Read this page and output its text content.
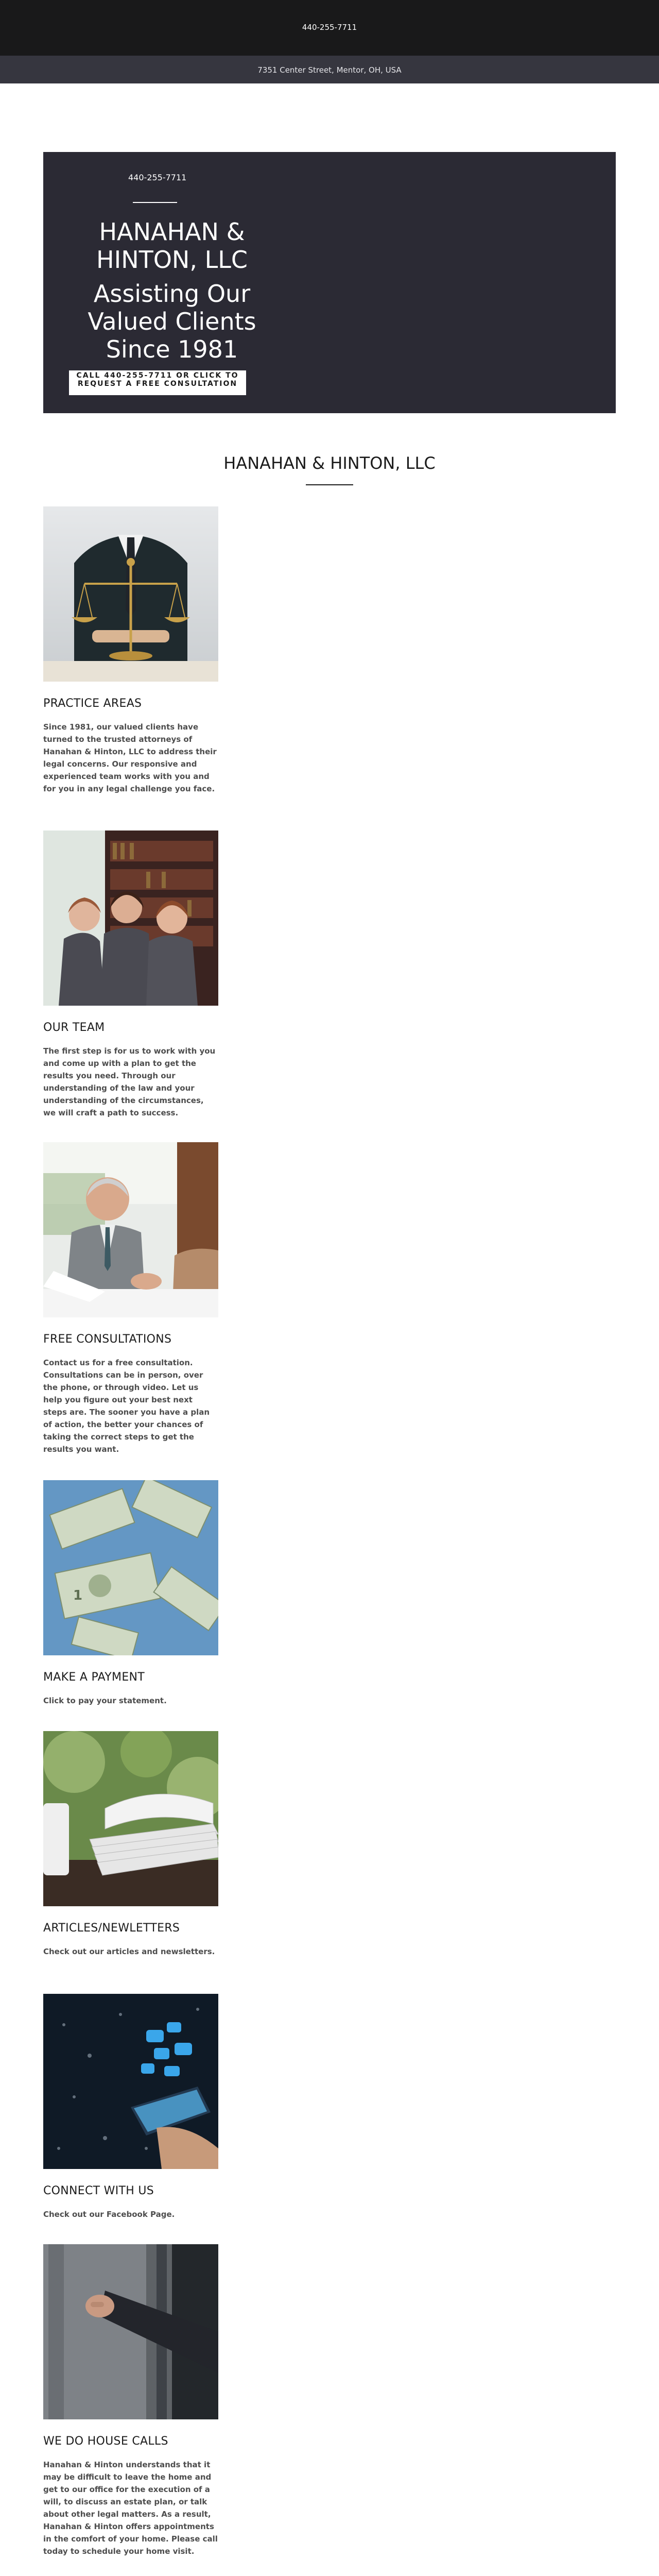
440-255-7711
7351 Center Street, Mentor, OH, USA
440-255-7711
HANAHAN & HINTON, LLC
Assisting Our Valued Clients Since 1981
CALL 440-255-7711 OR CLICK TO REQUEST A FREE CONSULTATION
HANAHAN & HINTON, LLC
PRACTICE AREAS
Since 1981, our valued clients have turned to the trusted attorneys of Hanahan & Hinton, LLC to address their legal concerns. Our responsive and experienced team works with you and for you in any legal challenge you face.
OUR TEAM
The first step is for us to work with you and come up with a plan to get the results you need. Through our understanding of the law and your understanding of the circumstances, we will craft a path to success.
FREE CONSULTATIONS
Contact us for a free consultation. Consultations can be in person, over the phone, or through video. Let us help you figure out your best next steps are. The sooner you have a plan of action, the better your chances of taking the correct steps to get the results you want.
1
MAKE A PAYMENT
Click to pay your statement.
ARTICLES/NEWLETTERS
Check out our articles and newsletters.
CONNECT WITH US
Check out our Facebook Page.
WE DO HOUSE CALLS
Hanahan & Hinton understands that it may be difficult to leave the home and get to our office for the execution of a will, to discuss an estate plan, or talk about other legal matters. As a result, Hanahan & Hinton offers appointments in the comfort of your home. Please call today to schedule your home visit.
